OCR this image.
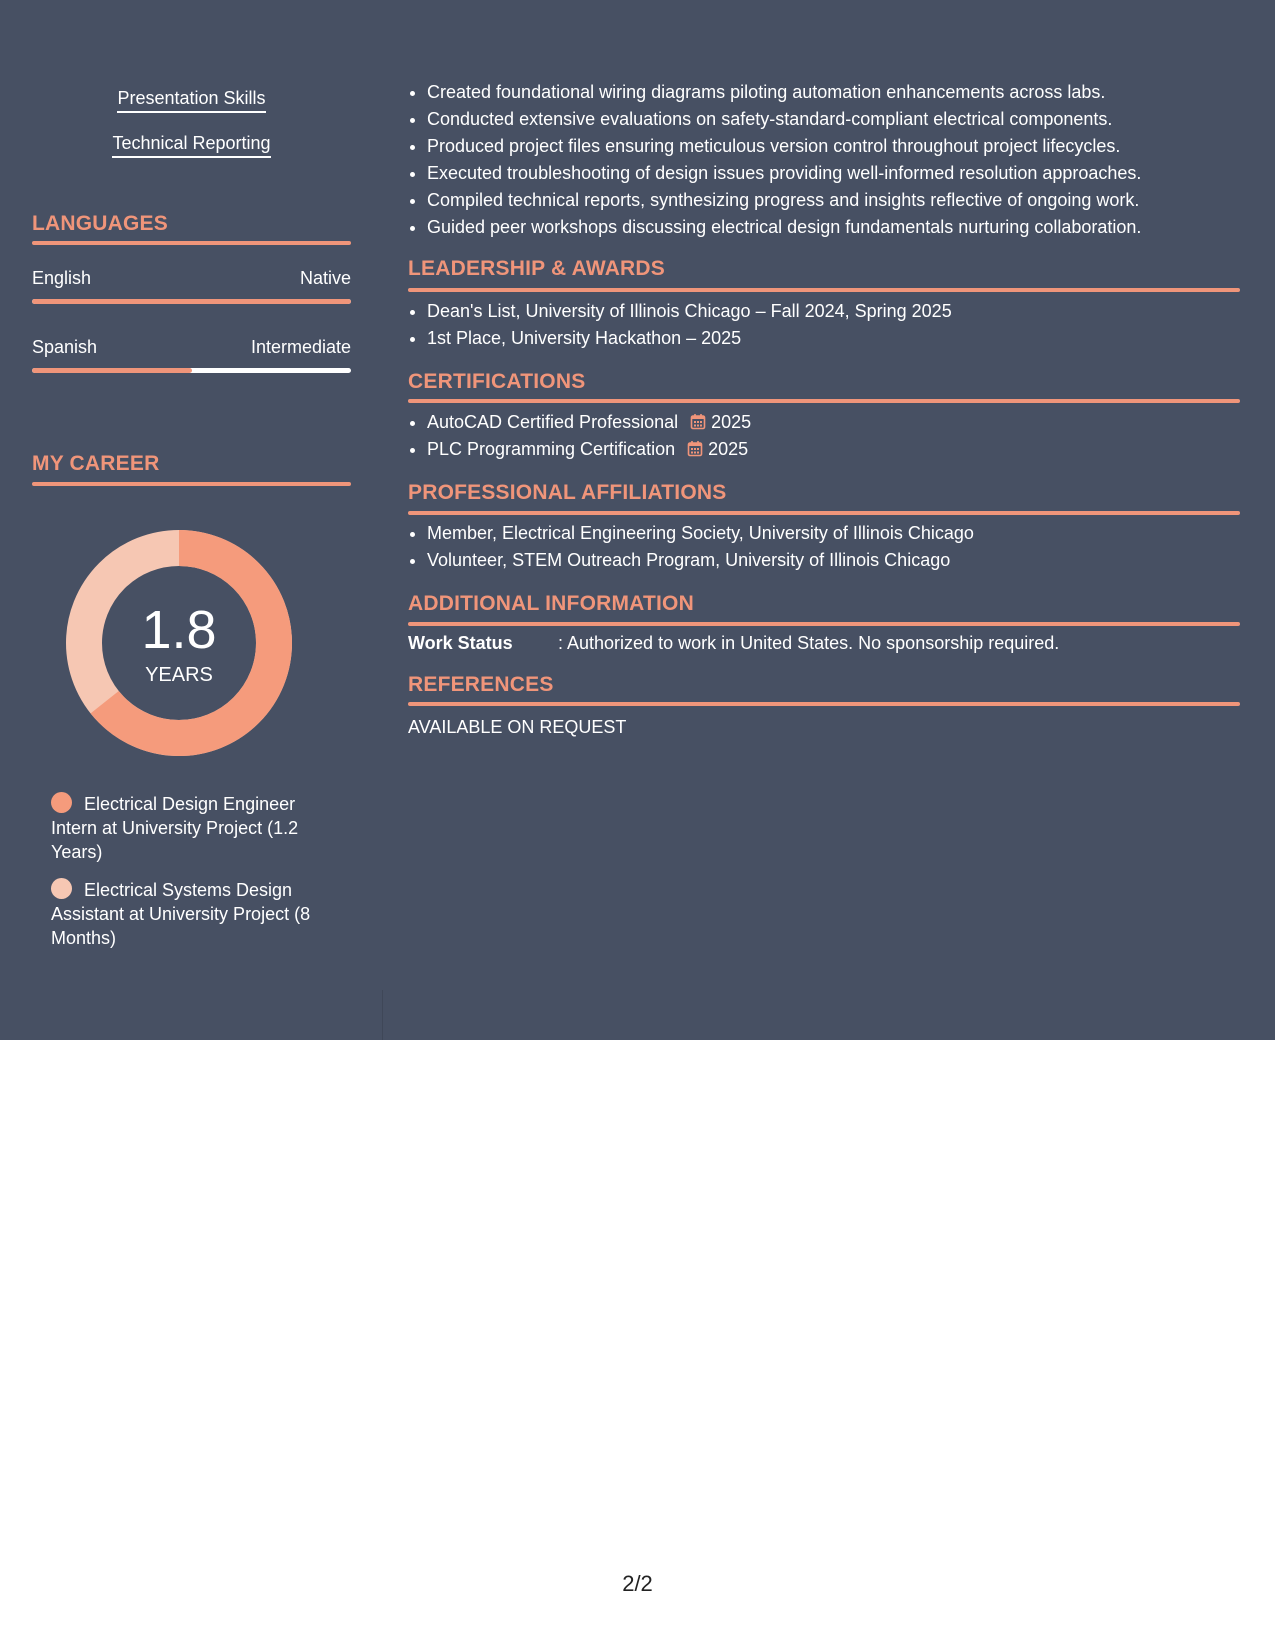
Presentation Skills
Technical Reporting
LANGUAGES
English	Native
Spanish	Intermediate
MY CAREER
1.8
YEARS
Electrical Design Engineer Intern at University Project (1.2 Years)
Electrical Systems Design Assistant at University Project (8 Months)
• Created foundational wiring diagrams piloting automation enhancements across labs.
• Conducted extensive evaluations on safety-standard-compliant electrical components.
• Produced project files ensuring meticulous version control throughout project lifecycles.
• Executed troubleshooting of design issues providing well-informed resolution approaches.
• Compiled technical reports, synthesizing progress and insights reflective of ongoing work.
• Guided peer workshops discussing electrical design fundamentals nurturing collaboration.
LEADERSHIP & AWARDS
• Dean's List, University of Illinois Chicago – Fall 2024, Spring 2025
• 1st Place, University Hackathon – 2025
CERTIFICATIONS
• AutoCAD Certified Professional 2025
• PLC Programming Certification 2025
PROFESSIONAL AFFILIATIONS
• Member, Electrical Engineering Society, University of Illinois Chicago
• Volunteer, STEM Outreach Program, University of Illinois Chicago
ADDITIONAL INFORMATION
Work Status	: Authorized to work in United States. No sponsorship required.
REFERENCES
AVAILABLE ON REQUEST
2/2
